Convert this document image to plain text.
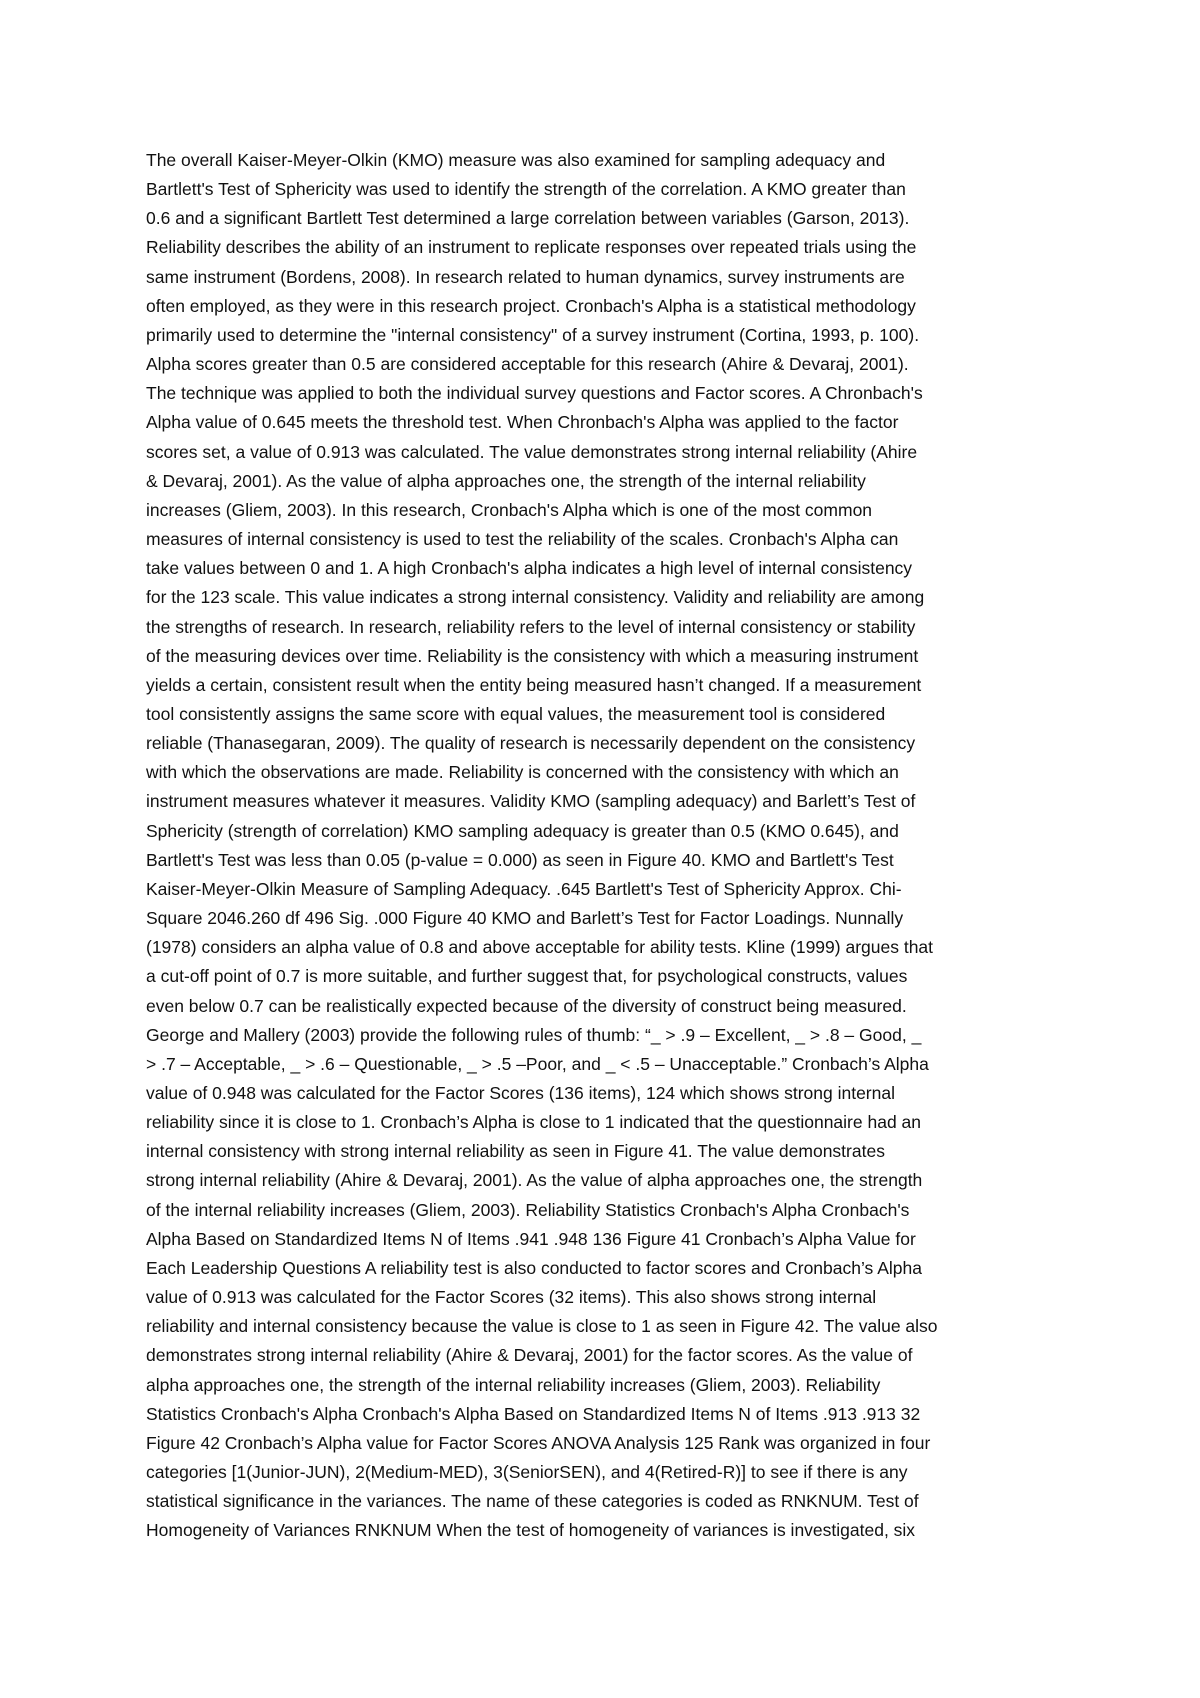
The overall Kaiser-Meyer-Olkin (KMO) measure was also examined for sampling adequacy and
Bartlett's Test of Sphericity was used to identify the strength of the correlation. A KMO greater than
0.6 and a significant Bartlett Test determined a large correlation between variables (Garson, 2013).
Reliability describes the ability of an instrument to replicate responses over repeated trials using the
same instrument (Bordens, 2008). In research related to human dynamics, survey instruments are
often employed, as they were in this research project. Cronbach's Alpha is a statistical methodology
primarily used to determine the "internal consistency" of a survey instrument (Cortina, 1993, p. 100).
Alpha scores greater than 0.5 are considered acceptable for this research (Ahire & Devaraj, 2001).
The technique was applied to both the individual survey questions and Factor scores. A Chronbach's
Alpha value of 0.645 meets the threshold test. When Chronbach's Alpha was applied to the factor
scores set, a value of 0.913 was calculated. The value demonstrates strong internal reliability (Ahire
& Devaraj, 2001). As the value of alpha approaches one, the strength of the internal reliability
increases (Gliem, 2003). In this research, Cronbach's Alpha which is one of the most common
measures of internal consistency is used to test the reliability of the scales. Cronbach's Alpha can
take values between 0 and 1. A high Cronbach's alpha indicates a high level of internal consistency
for the 123 scale. This value indicates a strong internal consistency. Validity and reliability are among
the strengths of research. In research, reliability refers to the level of internal consistency or stability
of the measuring devices over time. Reliability is the consistency with which a measuring instrument
yields a certain, consistent result when the entity being measured hasn’t changed. If a measurement
tool consistently assigns the same score with equal values, the measurement tool is considered
reliable (Thanasegaran, 2009). The quality of research is necessarily dependent on the consistency
with which the observations are made. Reliability is concerned with the consistency with which an
instrument measures whatever it measures. Validity KMO (sampling adequacy) and Barlett’s Test of
Sphericity (strength of correlation) KMO sampling adequacy is greater than 0.5 (KMO 0.645), and
Bartlett's Test was less than 0.05 (p-value = 0.000) as seen in Figure 40. KMO and Bartlett's Test
Kaiser-Meyer-Olkin Measure of Sampling Adequacy. .645 Bartlett's Test of Sphericity Approx. Chi-
Square 2046.260 df 496 Sig. .000 Figure 40 KMO and Barlett’s Test for Factor Loadings. Nunnally
(1978) considers an alpha value of 0.8 and above acceptable for ability tests. Kline (1999) argues that
a cut-off point of 0.7 is more suitable, and further suggest that, for psychological constructs, values
even below 0.7 can be realistically expected because of the diversity of construct being measured.
George and Mallery (2003) provide the following rules of thumb: “_ > .9 – Excellent, _ > .8 – Good, _
> .7 – Acceptable, _ > .6 – Questionable, _ > .5 –Poor, and _ < .5 – Unacceptable.” Cronbach’s Alpha
value of 0.948 was calculated for the Factor Scores (136 items), 124 which shows strong internal
reliability since it is close to 1. Cronbach’s Alpha is close to 1 indicated that the questionnaire had an
internal consistency with strong internal reliability as seen in Figure 41. The value demonstrates
strong internal reliability (Ahire & Devaraj, 2001). As the value of alpha approaches one, the strength
of the internal reliability increases (Gliem, 2003). Reliability Statistics Cronbach's Alpha Cronbach's
Alpha Based on Standardized Items N of Items .941 .948 136 Figure 41 Cronbach’s Alpha Value for
Each Leadership Questions A reliability test is also conducted to factor scores and Cronbach’s Alpha
value of 0.913 was calculated for the Factor Scores (32 items). This also shows strong internal
reliability and internal consistency because the value is close to 1 as seen in Figure 42. The value also
demonstrates strong internal reliability (Ahire & Devaraj, 2001) for the factor scores. As the value of
alpha approaches one, the strength of the internal reliability increases (Gliem, 2003). Reliability
Statistics Cronbach's Alpha Cronbach's Alpha Based on Standardized Items N of Items .913 .913 32
Figure 42 Cronbach’s Alpha value for Factor Scores ANOVA Analysis 125 Rank was organized in four
categories [1(Junior-JUN), 2(Medium-MED), 3(SeniorSEN), and 4(Retired-R)] to see if there is any
statistical significance in the variances. The name of these categories is coded as RNKNUM. Test of
Homogeneity of Variances RNKNUM When the test of homogeneity of variances is investigated, six
